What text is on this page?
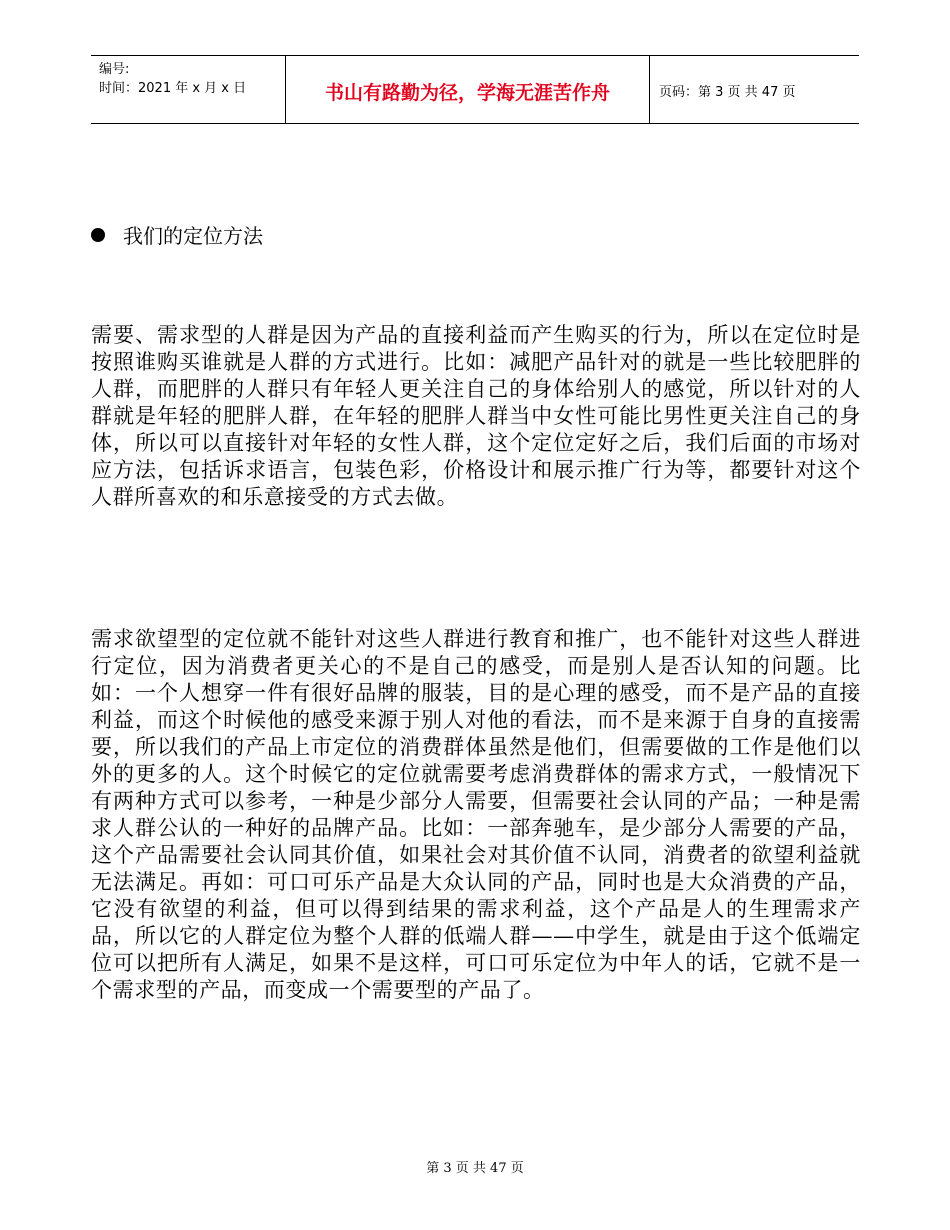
编号:
时间：2021 年 x 月 x 日	书山有路勤为径，学海无涯苦作舟	页码：第 3 页 共 47 页
我们的定位方法

需要、需求型的人群是因为产品的直接利益而产生购买的行为，所以在定位时是按照谁购买谁就是人群的方式进行。比如：减肥产品针对的就是一些比较肥胖的人群，而肥胖的人群只有年轻人更关注自己的身体给别人的感觉，所以针对的人群就是年轻的肥胖人群，在年轻的肥胖人群当中女性可能比男性更关注自己的身体，所以可以直接针对年轻的女性人群，这个定位定好之后，我们后面的市场对应方法，包括诉求语言，包装色彩，价格设计和展示推广行为等，都要针对这个人群所喜欢的和乐意接受的方式去做。

需求欲望型的定位就不能针对这些人群进行教育和推广，也不能针对这些人群进行定位，因为消费者更关心的不是自己的感受，而是别人是否认知的问题。比如：一个人想穿一件有很好品牌的服装，目的是心理的感受，而不是产品的直接利益，而这个时候他的感受来源于别人对他的看法，而不是来源于自身的直接需要，所以我们的产品上市定位的消费群体虽然是他们，但需要做的工作是他们以外的更多的人。这个时候它的定位就需要考虑消费群体的需求方式，一般情况下有两种方式可以参考，一种是少部分人需要，但需要社会认同的产品；一种是需求人群公认的一种好的品牌产品。比如：一部奔驰车，是少部分人需要的产品，这个产品需要社会认同其价值，如果社会对其价值不认同，消费者的欲望利益就无法满足。再如：可口可乐产品是大众认同的产品，同时也是大众消费的产品，它没有欲望的利益，但可以得到结果的需求利益，这个产品是人的生理需求产品，所以它的人群定位为整个人群的低端人群——中学生，就是由于这个低端定位可以把所有人满足，如果不是这样，可口可乐定位为中年人的话，它就不是一个需求型的产品，而变成一个需要型的产品了。

第 3 页 共 47 页
